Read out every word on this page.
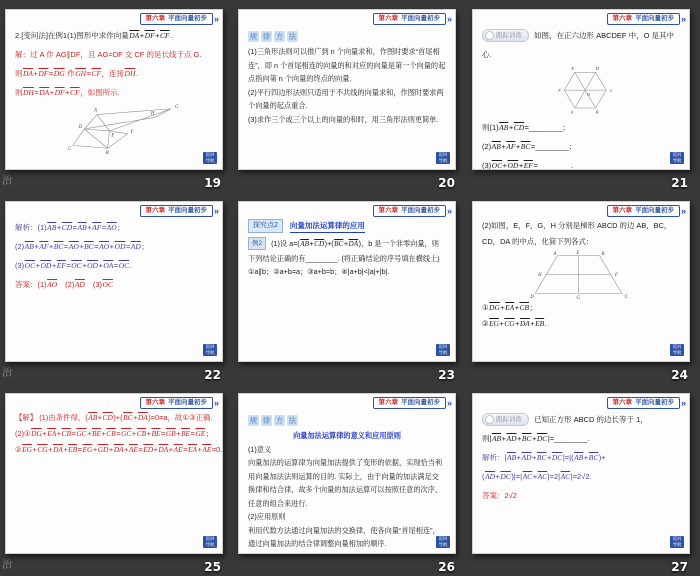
治
治
治
第六章 平面向量初步 »
2.[变问法]在例1(1)图形中求作向量$\overline{DA}+\overline{DF}+\overline{CF}$.
解：过 A 作 AG∥DF，且 AG=DF 交 CF 的延长线于点 G.
则$\overline{DA}+\overline{DF}=\overline{DG}$ 作$\overline{GH}=\overline{CF}$，连接$\overline{DH}$.
则$\overline{DH}=\overline{DA}+\overline{DF}+\overline{CF}$，如图所示.
C
D
A
E
B
F
H
G
返回
导航
19
第六章 平面向量初步 »
规 律 方 法
(1)三角形法则可以推广到 n 个向量求和，作图时要求“首尾相连”，即 n 个首尾相连的向量的和对应的向量是第一个向量的起点指向第 n 个向量的终点的向量.
(2)平行四边形法则只适用于不共线的向量求和，作图时要求两个向量的起点重合.
(3)求作三个或三个以上的向量的和时，用三角形法则更简单.
返回
导航
20
第六章 平面向量初步 »
跟踪训练 如图，在正六边形 ABCDEF 中，O 是其中心.
A	B
C
D
E
F
O
则$(1)\overline{AB}+\overline{CD}=\_\_\_\_\_\_\_\_$；
$(2)\overline{AB}+\overline{AF}+\overline{BC}=\_\_\_\_\_\_\_\_$；
$(3)\overline{OC}+\overline{OD}+\overline{EF}=\_\_\_\_\_\_\_\_$.
返回
导航
21
第六章 平面向量初步 »
解析：$(1)\overline{AB}+\overline{CD}=\overline{AB}+\overline{AF}=\overline{AO}$；
$(2)\overline{AB}+\overline{AF}+\overline{BC}=\overline{AO}+\overline{BC}=\overline{AO}+\overline{OD}=\overline{AD}$；
$(3)\overline{OC}+\overline{OD}+\overline{EF}=\overline{OC}+\overline{OD}+\overline{OA}=\overline{OC}$.
答案：$(1)\overline{AO}$　$(2)\overline{AD}$　$(3)\overline{OC}$
返回
导航
22
第六章 平面向量初步 »
探究点2	向量加法运算律的应用
例2 (1)设 $a=(\overline{AB}+\overline{CD})+(\overline{BC}+\overline{DA})$，b 是一个非零向量，则下列结论正确的有________. (将正确结论的序号填在横线上)
①a∥b；②a+b=a；③a+b=b；④|a+b|<|a|+|b|.
返回
导航
23
第六章 平面向量初步 »
(2)如图，E，F，G，H 分别是梯形 ABCD 的边 AB，BC，CD，DA 的中点，化简下列各式：
A	E	B
F
C
G
D
H
$①\overline{DG}+\overline{EA}+\overline{CB}$；
$②\overline{EG}+\overline{CG}+\overline{DA}+\overline{EB}$.
返回
导航
24
第六章 平面向量初步 »
【解】 (1)由条件得，$(\overline{AB}+\overline{CD})+(\overline{BC}+\overline{DA})=0=a$，故①③正确.
$(2)①\overline{DG}+\overline{EA}+\overline{CB}=\overline{GC}+\overline{BE}+\overline{CB}=\overline{GC}+\overline{CB}+\overline{BE}=\overline{GB}+\overline{BE}=\overline{GE}$；
$②\overline{EG}+\overline{CG}+\overline{DA}+\overline{EB}=\overline{EG}+\overline{GD}+\overline{DA}+\overline{AE}=\overline{ED}+\overline{DA}+\overline{AE}=\overline{EA}+\overline{AE}=0$.
返回
导航
25
第六章 平面向量初步 »
规 律 方 法
向量加法运算律的意义和应用原则
(1)意义
向量加法的运算律为向量加法提供了变形的依据，实现恰当利用向量加法法则运算的目的. 实际上，由于向量的加法满足交换律和结合律，故多个向量的加法运算可以按照任意的次序、任意的组合来进行.
(2)应用原则
利用代数方法通过向量加法的交换律，使各向量“首尾相连”，通过向量加法的结合律调整向量相加的顺序.
返回
导航
26
第六章 平面向量初步 »
跟踪训练 已知正方形 ABCD 的边长等于 1，则$|\overline{AB}+\overline{AD}+\overline{BC}+\overline{DC}|=\_\_\_\_\_\_\_\_$.
解析：$|\overline{AB}+\overline{AD}+\overline{BC}+\overline{DC}|=|(\overline{AB}+\overline{BC})+(\overline{AD}+\overline{DC})|=|\overline{AC}+\overline{AC}|=2|\overline{AC}|=2√2$.
答案：2√2
返回
导航
27
